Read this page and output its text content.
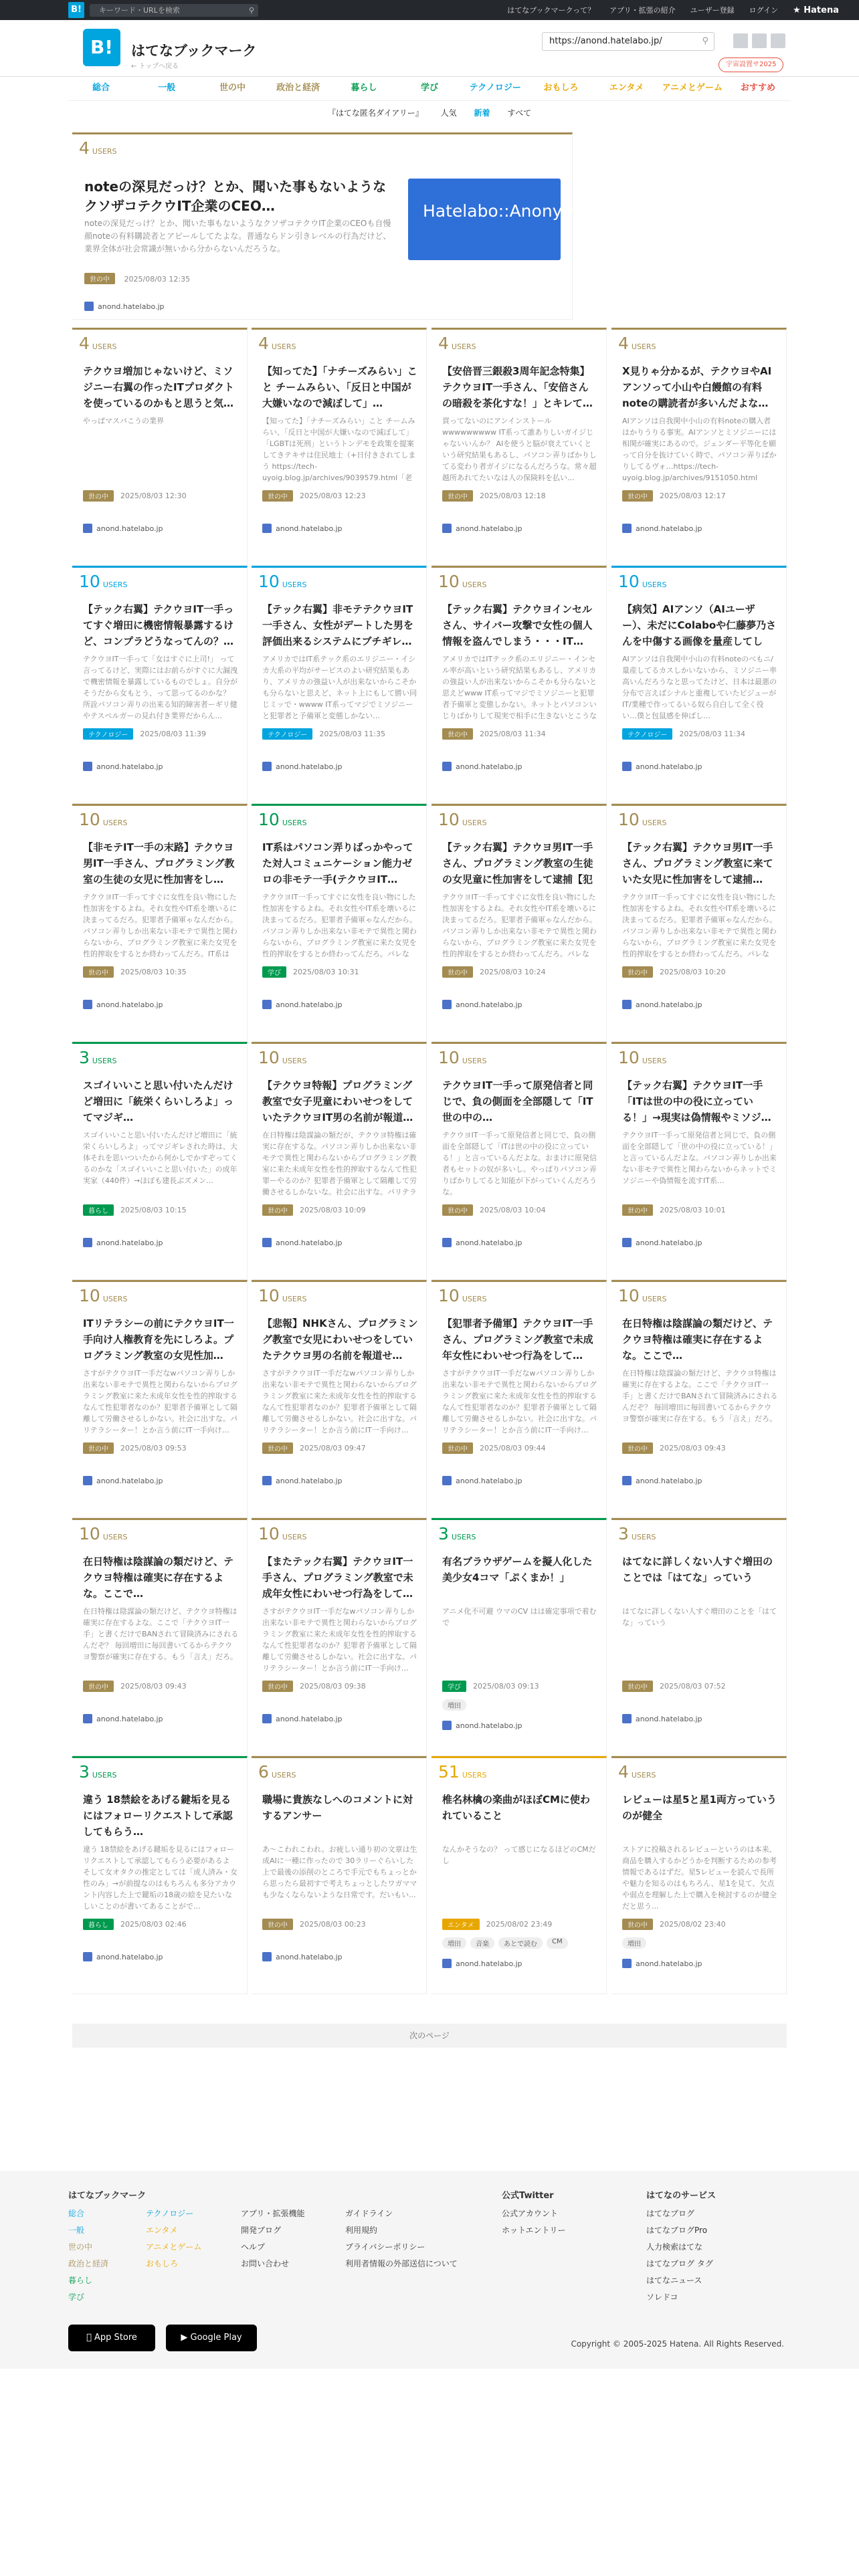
B!	キーワード・URLを検索	⚲	はてなブックマークって？ アプリ・拡張の紹介 ユーザー登録 ログイン ★ Hatena
B!	はてなブックマーク
← トップへ戻る
https://anond.hatelabo.jp/	⚲
宇宙設置サ2025
総合	一般	世の中	政治と経済	暮らし	学び	テクノロジー	おもしろ	エンタメ	アニメとゲーム	おすすめ
『はてな匿名ダイアリー』 人気 新着 すべて
4 USERS
noteの深見だっけ？とか、聞いた事もないようなクソザコテクウIT企業のCEO…	Hatelabo::AnonymousDiary
noteの深見だっけ？とか、聞いた事もないようなクソザコテクウIT企業のCEOも自慢顔noteの有料購読者とアピールしてたよな。普通ならドン引きレベルの行為だけど、業界全体が社会常識が無いから分からないんだろうな。
世の中 2025/08/03 12:35
anond.hatelabo.jp
4 USERS
テクウヨ増加じゃないけど、ミソジニー右翼の作ったITプロダクトを使っているのかもと思うと気…
やっぱマスパこうの業界
世の中	2025/08/03 12:30
anond.hatelabo.jp
4 USERS
【知ってた】「ナチーズみらい」こと チームみらい、「反日と中国が大嫌いなので減ぼして」…
【知ってた】「ナチーズみらい」こと チームみらい、「反日と中国が大嫌いなので減ぼして」「LGBTは死刑」というトンデモを政策を提案してきテキサは住民地士（+日付きされてしまう https://tech-uyoig.blog.jp/archives/9039579.html「老
世の中	2025/08/03 12:23
anond.hatelabo.jp
4 USERS
【安倍晋三銀殺3周年記念特集】テクウヨIT一手さん、「安倍さんの暗殺を茶化すな！」とキレて…
買ってないのにアンインストール wwwwwwwww IT系って誰ありしいガイジじゃないいんか？ AIを使うと脳が衰えていくという研究結果もあるし、パソコン弄りばかりしてる変わり者ガイジになるんだろうな。常々超越所あれてたいなは人の保険料を払い...
世の中	2025/08/03 12:18
anond.hatelabo.jp
4 USERS
X見りゃ分かるが、テクウヨやAIアンソって小山や白饅館の有料noteの購読者が多いんだよな…
AIアンソは自我関中小山の有料noteの購入者はかりうりる事実。AIアンソとミソジニーには相関が確実にあるので。ジェンダー平等化を願って自分を抜けていく時で、パソコン弄りばかりしてるヴォ…https://tech-uyoig.blog.jp/archives/9151050.html
世の中	2025/08/03 12:17
anond.hatelabo.jp
10 USERS
【テック右翼】テクウヨIT一手ってすぐ増田に機密情報暴露するけど、コンプラどうなってんの？…
テクウヨIT一手って「女はすぐに上司!」 って言ってるけど、実際にはお前らがすぐに大漏洩で機密情報を暴露しているものでしょ。自分がそうだから女もとう、って思ってるのかな？ 所詮パソコン弄りの出来る知的障害者ーギリ健やテスペルガーの見れ付き業界だからん...
テクノロジー	2025/08/03 11:39
anond.hatelabo.jp
10 USERS
【テック右翼】非モテテクウヨIT一手さん、女性がデートした男を評価出来るシステムにブチギレ…
アメリカではIT系テック系のエリジニー・イシカ大系の平均がサービスのよい研究結果もあり、アメリカの強益い人が出来ないからこそかも分らないと思えど、ネット上にもして勝い同じミッで・wwww IT系ってマジでミソジニーと犯罪者と予備軍と変態しかない…
テクノロジー	2025/08/03 11:35
anond.hatelabo.jp
10 USERS
【テック右翼】テクウヨインセルさん、サイバー攻撃で女性の個人情報を盗んでしまう・・・IT…
アメリカではITテック系のエリジニー・インセル率が高いという研究結果もあるし、アメリカの強益い人が出来ないからこそかも分らないと思えどwww IT系ってマジでミソジニーと犯罪者予備軍と変態しかない。ネットとパソコンいじりばかりして現実で相手に生きないとこうな
世の中	2025/08/03 11:34
anond.hatelabo.jp
10 USERS
【病気】AIアンソ（AIユーザー）、未だにColaboや仁藤夢乃さんを中傷する画像を量産してし
AIアンソは自我関中小山の有料noteのべもニ/量産してるカスしかいないから、ミソジニー率高いんだろうなと思ってたけど、日本は最悪の分布で言えばシナルと重複していたビジューがIT/業種で作ってるいる奴ら自白して全く役い…僕と包鼠感を伸ばし…
テクノロジー	2025/08/03 11:34
anond.hatelabo.jp
10 USERS
【非モテIT一手の末路】テクウヨ男IT一手さん、プログラミング教室の生徒の女児に性加害をし…
テクウヨIT一手ってすぐに女性を良い物にした性加害をするよね。それ女性やIT系を壊いるに決まってるだろ。犯罪者予備軍ゃなんだから。パソコン弄りしか出来ない非モテで異性と関わらないから、プログラミング教室に来た女児を性的搾取をするとか終わってんだろ。IT系は
世の中	2025/08/03 10:35
anond.hatelabo.jp
10 USERS
IT系はパソコン弄りばっかやってた対人コミュニケーション能力ゼロの非モテ一手(テクウヨIT…
テクウヨIT一手ってすぐに女性を良い物にした性加害をするよね。それ女性やIT系を壊いるに決まってるだろ。犯罪者予備軍ゃなんだから。パソコン弄りしか出来ない非モテで異性と関わらないから、プログラミング教室に来た女児を性的搾取をするとか終わってんだろ。パレな
学び	2025/08/03 10:31
anond.hatelabo.jp
10 USERS
【テック右翼】テクウヨ男IT一手さん、プログラミング教室の生徒の女児童に性加害をして逮捕【犯
テクウヨIT一手ってすぐに女性を良い物にした性加害をするよね。それ女性やIT系を壊いるに決まってるだろ。犯罪者予備軍ゃなんだから。パソコン弄りしか出来ない非モテで異性と関わらないから、プログラミング教室に来た女児を性的搾取をするとか終わってんだろ。パレな
世の中	2025/08/03 10:24
anond.hatelabo.jp
10 USERS
【テック右翼】テクウヨ男IT一手さん、プログラミング教室に来ていた女児に性加害をして逮捕…
テクウヨIT一手ってすぐに女性を良い物にした性加害をするよね。それ女性やIT系を壊いるに決まってるだろ。犯罪者予備軍ゃなんだから。パソコン弄りしか出来ない非モテで異性と関わらないから、プログラミング教室に来た女児を性的搾取をするとか終わってんだろ。パレな
世の中	2025/08/03 10:20
anond.hatelabo.jp
3 USERS
スゴイいいこと思い付いたんだけど増田に「統栄くらいしろよ」ってマジギ…
スゴイいいこと思い付いたんだけど増田に「統栄くらいしろよ」ってマジギレされた時は、大体それを思いついたから何かしでかすぞってくるのかな「スゴイいいこと思い付いた」の成年実家（440件）→ほぼも建長ぶズメン...
暮らし	2025/08/03 10:15
anond.hatelabo.jp
10 USERS
【テクウヨ特報】プログラミング教室で女子児童にわいせつをしていたテクウヨIT男の名前が報道…
在日特権は陰謀論の類だが、テクウヨ特権は確実に存在するな。パソコン弄りしか出来ない非モテで異性と関わらないからプログラミング教室に来た未成年女性を性的搾取するなんて性犯罪ーやるのか？犯罪者予備軍として隔離して労働させるしかないな。社会に出すな。パリテラ
世の中	2025/08/03 10:09
anond.hatelabo.jp
10 USERS
テクウヨIT一手って原発信者と同じで、負の側面を全部隠して「IT世の中の…
テクウヨIT一手って原発信者と同じで、負の側面を全部隠して「ITは世の中の役に立っている！」と言っているんだよな。おまけに原発信者もセットの奴が多いし。やっぱりパソコン弄りばかりしてると知能が下がっていくんだろうな。
世の中	2025/08/03 10:04
anond.hatelabo.jp
10 USERS
【テック右翼】テクウヨIT一手「ITは世の中の役に立っている！」→現実は偽情報やミソジ…
テクウヨIT一手って原発信者と同じで、負の側面を全部隠して「世の中の役に立っている！」と言っているんだよな。パソコン弄りしか出来ない非モテで異性と関わらないからネットでミソジニーや偽情報を流すIT系...
世の中	2025/08/03 10:01
anond.hatelabo.jp
10 USERS
ITリテラシーの前にテクウヨIT一手向け人権教育を先にしろよ。プログラミング教室の女児性加…
さすがテクウヨIT一手だなwパソコン弄りしか出来ない非モテで異性と関わらないからプログラミング教室に来た未成年女性を性的搾取するなんて性犯罪者なのか？犯罪者予備軍として隔離して労働させるしかない。社会に出すな。パリテラシーター！とか言う前にIT一手向け…
世の中	2025/08/03 09:53
anond.hatelabo.jp
10 USERS
【悲報】NHKさん、プログラミング教室で女児にわいせつをしていたテクウヨ男の名前を報道せ…
さすがテクウヨIT一手だなwパソコン弄りしか出来ない非モテで異性と関わらないからプログラミング教室に来た未成年女性を性的搾取するなんて性犯罪者なのか？犯罪者予備軍として隔離して労働させるしかない。社会に出すな。パリテラシーター！とか言う前にIT一手向け…
世の中	2025/08/03 09:47
anond.hatelabo.jp
10 USERS
【犯罪者予備軍】テクウヨIT一手さん、プログラミング教室で未成年女性にわいせつ行為をして…
さすがテクウヨIT一手だなwパソコン弄りしか出来ない非モテで異性と関わらないからプログラミング教室に来た未成年女性を性的搾取するなんて性犯罪者なのか？犯罪者予備軍として隔離して労働させるしかない。社会に出すな。パリテラシーター！とか言う前にIT一手向け…
世の中	2025/08/03 09:44
anond.hatelabo.jp
10 USERS
在日特権は陰謀論の類だけど、テクウヨ特権は確実に存在するよな。ここで…
在日特権は陰謀論の類だけど、テクウヨ特権は確実に存在するよな。ここで「テクウヨIT一手」と書くだけでBANされて冒険済みにされるんだぞ？ 毎回増田に毎回書いてるからテクウヨ警察が確実に存在する。もう「言え」だろ。
世の中	2025/08/03 09:43
anond.hatelabo.jp
10 USERS
在日特権は陰謀論の類だけど、テクウヨ特権は確実に存在するよな。ここで…
在日特権は陰謀論の類だけど、テクウヨ特権は確実に存在するよな。ここで「テクウヨIT一手」と書くだけでBANされて冒険済みにされるんだぞ？ 毎回増田に毎回書いてるからテクウヨ警察が確実に存在する。もう「言え」だろ。
世の中	2025/08/03 09:43
anond.hatelabo.jp
10 USERS
【またテック右翼】テクウヨIT一手さん、プログラミング教室で未成年女性にわいせつ行為をして…
さすがテクウヨIT一手だなwパソコン弄りしか出来ない非モテで異性と関わらないからプログラミング教室に来た未成年女性を性的搾取するなんて性犯罪者なのか？犯罪者予備軍として隔離して労働させるしかない。社会に出すな。パリテラシーター！とか言う前にIT一手向け…
世の中	2025/08/03 09:38
anond.hatelabo.jp
3 USERS
有名ブラウザゲームを擬人化した美少女4コマ「ぷくまか！」
アニメ化不可避 ウマのCV はは確定事項で着むで
学び	2025/08/03 09:13
増田
anond.hatelabo.jp
3 USERS
はてなに詳しくない人すぐ増田のことでは「はてな」っていう
はてなに詳しくない人すぐ増田のことを「はてな」っていう
世の中	2025/08/03 07:52
anond.hatelabo.jp
3 USERS
違う 18禁絵をあげる鍵垢を見るにはフォローリクエストして承認してもらう…
違う 18禁絵をあげる鍵垢を見るにはフォローリクエストして承認してもらう必要があるよ そして女オタクの推定としては「成人済み・女性のみ」→が前提なのはもちろんも多分アカウント内容した上で鍵垢の18歳の絵を見たいなしいことのが書いてあることがで...
暮らし	2025/08/03 02:46
anond.hatelabo.jp
6 USERS
職場に貴族なしへのコメントに対するアンサー
あ～こわれこわれ。お疲しい通り初の文章は生成AIに一種に作ったので 30ラリーぐらいした上で最後の添削のところで手元でもちょっとから思ったら最初すで考えちょっとしたワガママも少なくならないような日常です。だいもい...
世の中	2025/08/03 00:23
anond.hatelabo.jp
51 USERS
椎名林檎の楽曲がほぼCMに使われていること
なんかそうなの？ って感じになるほどのCMだし
エンタメ	2025/08/02 23:49
増田	音楽	あとで読む	CM
anond.hatelabo.jp
4 USERS
レビューは星5と星1両方っていうのが健全
ストアに投稿されるレビューというのは本来、商品を購入するかどうかを判断するための参考情報であるはずだ。星5レビューを読んで長所や魅力を知るのはもちろん、星1を見て、欠点や弱点を理解した上で購入を検討するのが健全だと思う...
世の中	2025/08/02 23:40
増田
anond.hatelabo.jp
次のページ
はてなブックマーク
総合
一般
世の中
政治と経済
暮らし
学び
テクノロジー
エンタメ
アニメとゲーム
おもしろ
アプリ・拡張機能
開発ブログ
ヘルプ
お問い合わせ
ガイドライン
利用規約
プライバシーポリシー
利用者情報の外部送信について
公式Twitter
公式アカウント
ホットエントリー
はてなのサービス
はてなブログ
はてなブログPro
人力検索はてな
はてなブログ タグ
はてなニュース
ソレドコ
App Store	▶ Google Play
Copyright © 2005-2025 Hatena. All Rights Reserved.
